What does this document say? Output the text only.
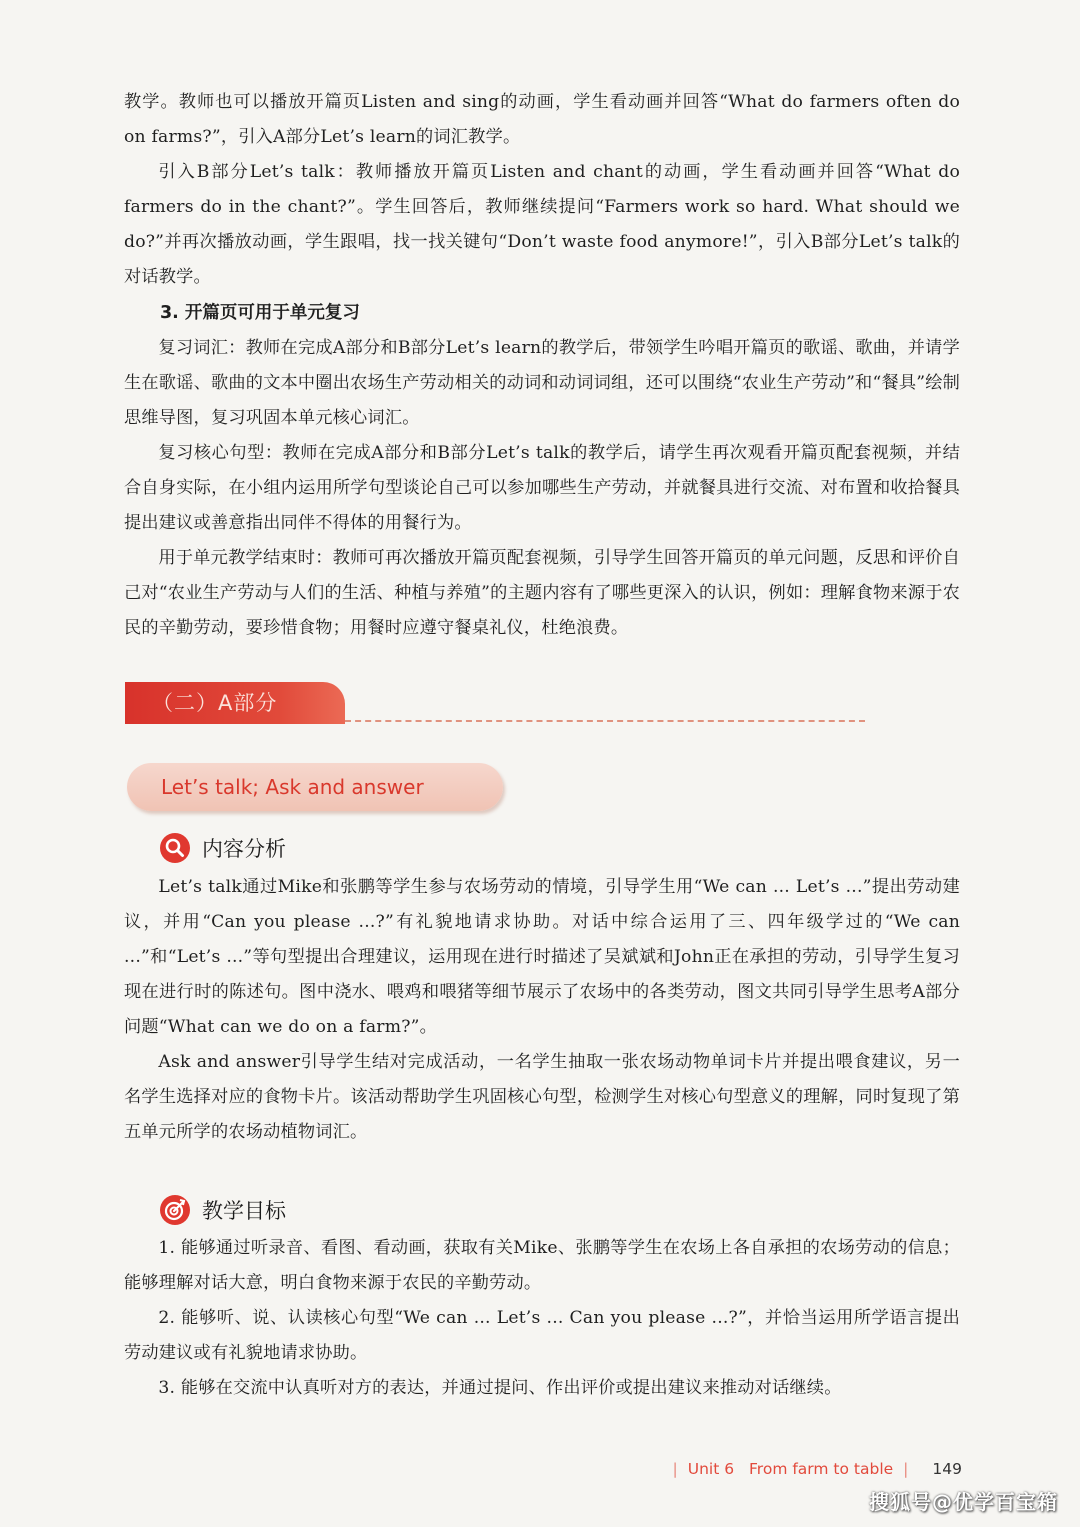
教学。教师也可以播放开篇页Listen and sing的动画，学生看动画并回答“What do farmers often do on farms?”，引入A部分Let’s learn的词汇教学。

引入B部分Let’s talk：教师播放开篇页Listen and chant的动画，学生看动画并回答“What do farmers do in the chant?”。学生回答后，教师继续提问“Farmers work so hard. What should we do?”并再次播放动画，学生跟唱，找一找关键句“Don’t waste food anymore!”，引入B部分Let’s talk的对话教学。

3. 开篇页可用于单元复习

复习词汇：教师在完成A部分和B部分Let’s learn的教学后，带领学生吟唱开篇页的歌谣、歌曲，并请学生在歌谣、歌曲的文本中圈出农场生产劳动相关的动词和动词词组，还可以围绕“农业生产劳动”和“餐具”绘制思维导图，复习巩固本单元核心词汇。

复习核心句型：教师在完成A部分和B部分Let’s talk的教学后，请学生再次观看开篇页配套视频，并结合自身实际，在小组内运用所学句型谈论自己可以参加哪些生产劳动，并就餐具进行交流、对布置和收拾餐具提出建议或善意指出同伴不得体的用餐行为。

用于单元教学结束时：教师可再次播放开篇页配套视频，引导学生回答开篇页的单元问题，反思和评价自己对“农业生产劳动与人们的生活、种植与养殖”的主题内容有了哪些更深入的认识，例如：理解食物来源于农民的辛勤劳动，要珍惜食物；用餐时应遵守餐桌礼仪，杜绝浪费。

（二）A部分
Let’s talk; Ask and answer
内容分析

Let’s talk通过Mike和张鹏等学生参与农场劳动的情境，引导学生用“We can ... Let’s ...”提出劳动建议，并用“Can you please ...?”有礼貌地请求协助。对话中综合运用了三、四年级学过的“We can ...”和“Let’s ...”等句型提出合理建议，运用现在进行时描述了吴斌斌和John正在承担的劳动，引导学生复习现在进行时的陈述句。图中浇水、喂鸡和喂猪等细节展示了农场中的各类劳动，图文共同引导学生思考A部分问题“What can we do on a farm?”。

Ask and answer引导学生结对完成活动，一名学生抽取一张农场动物单词卡片并提出喂食建议，另一名学生选择对应的食物卡片。该活动帮助学生巩固核心句型，检测学生对核心句型意义的理解，同时复现了第五单元所学的农场动植物词汇。

教学目标

1. 能够通过听录音、看图、看动画，获取有关Mike、张鹏等学生在农场上各自承担的农场劳动的信息；能够理解对话大意，明白食物来源于农民的辛勤劳动。

2. 能够听、说、认读核心句型“We can ... Let’s ... Can you please ...?”，并恰当运用所学语言提出劳动建议或有礼貌地请求协助。

3. 能够在交流中认真听对方的表达，并通过提问、作出评价或提出建议来推动对话继续。

| Unit 6 From farm to table | 149
搜狐号@优学百宝箱
